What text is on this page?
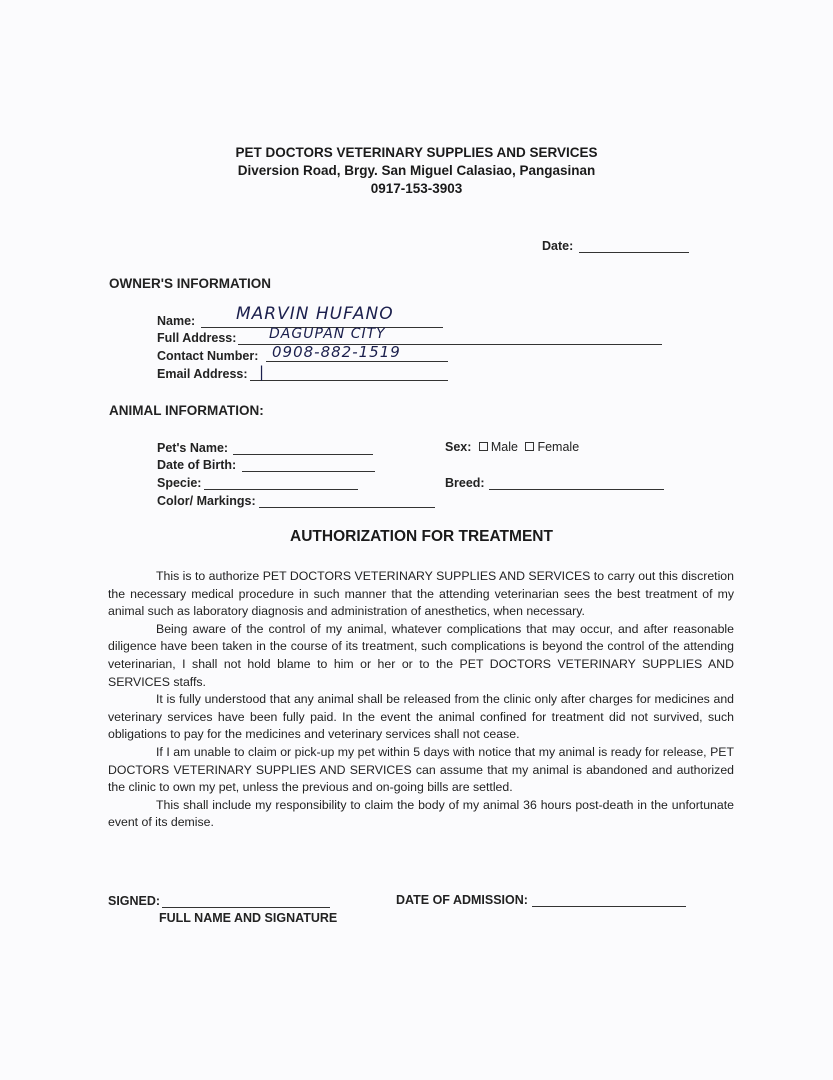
PET DOCTORS VETERINARY SUPPLIES AND SERVICES
Diversion Road, Brgy. San Miguel Calasiao, Pangasinan
0917-153-3903
Date:
OWNER'S INFORMATION
Name: MARVIN HUFANO
Full Address: DAGUPAN CITY
Contact Number: 0908-882-1519
Email Address: |
ANIMAL INFORMATION:
Pet's Name:
Date of Birth:
Specie:
Color/ Markings:
Sex: Male Female
Breed:
AUTHORIZATION FOR TREATMENT

This is to authorize PET DOCTORS VETERINARY SUPPLIES AND SERVICES to carry out this discretion the necessary medical procedure in such manner that the attending veterinarian sees the best treatment of my animal such as laboratory diagnosis and administration of anesthetics, when necessary.

Being aware of the control of my animal, whatever complications that may occur, and after reasonable diligence have been taken in the course of its treatment, such complications is beyond the control of the attending veterinarian, I shall not hold blame to him or her or to the PET DOCTORS VETERINARY SUPPLIES AND SERVICES staffs.

It is fully understood that any animal shall be released from the clinic only after charges for medicines and veterinary services have been fully paid. In the event the animal confined for treatment did not survived, such obligations to pay for the medicines and veterinary services shall not cease.

If I am unable to claim or pick-up my pet within 5 days with notice that my animal is ready for release, PET DOCTORS VETERINARY SUPPLIES AND SERVICES can assume that my animal is abandoned and authorized the clinic to own my pet, unless the previous and on-going bills are settled.

This shall include my responsibility to claim the body of my animal 36 hours post-death in the unfortunate event of its demise.

SIGNED:
FULL NAME AND SIGNATURE
DATE OF ADMISSION:
